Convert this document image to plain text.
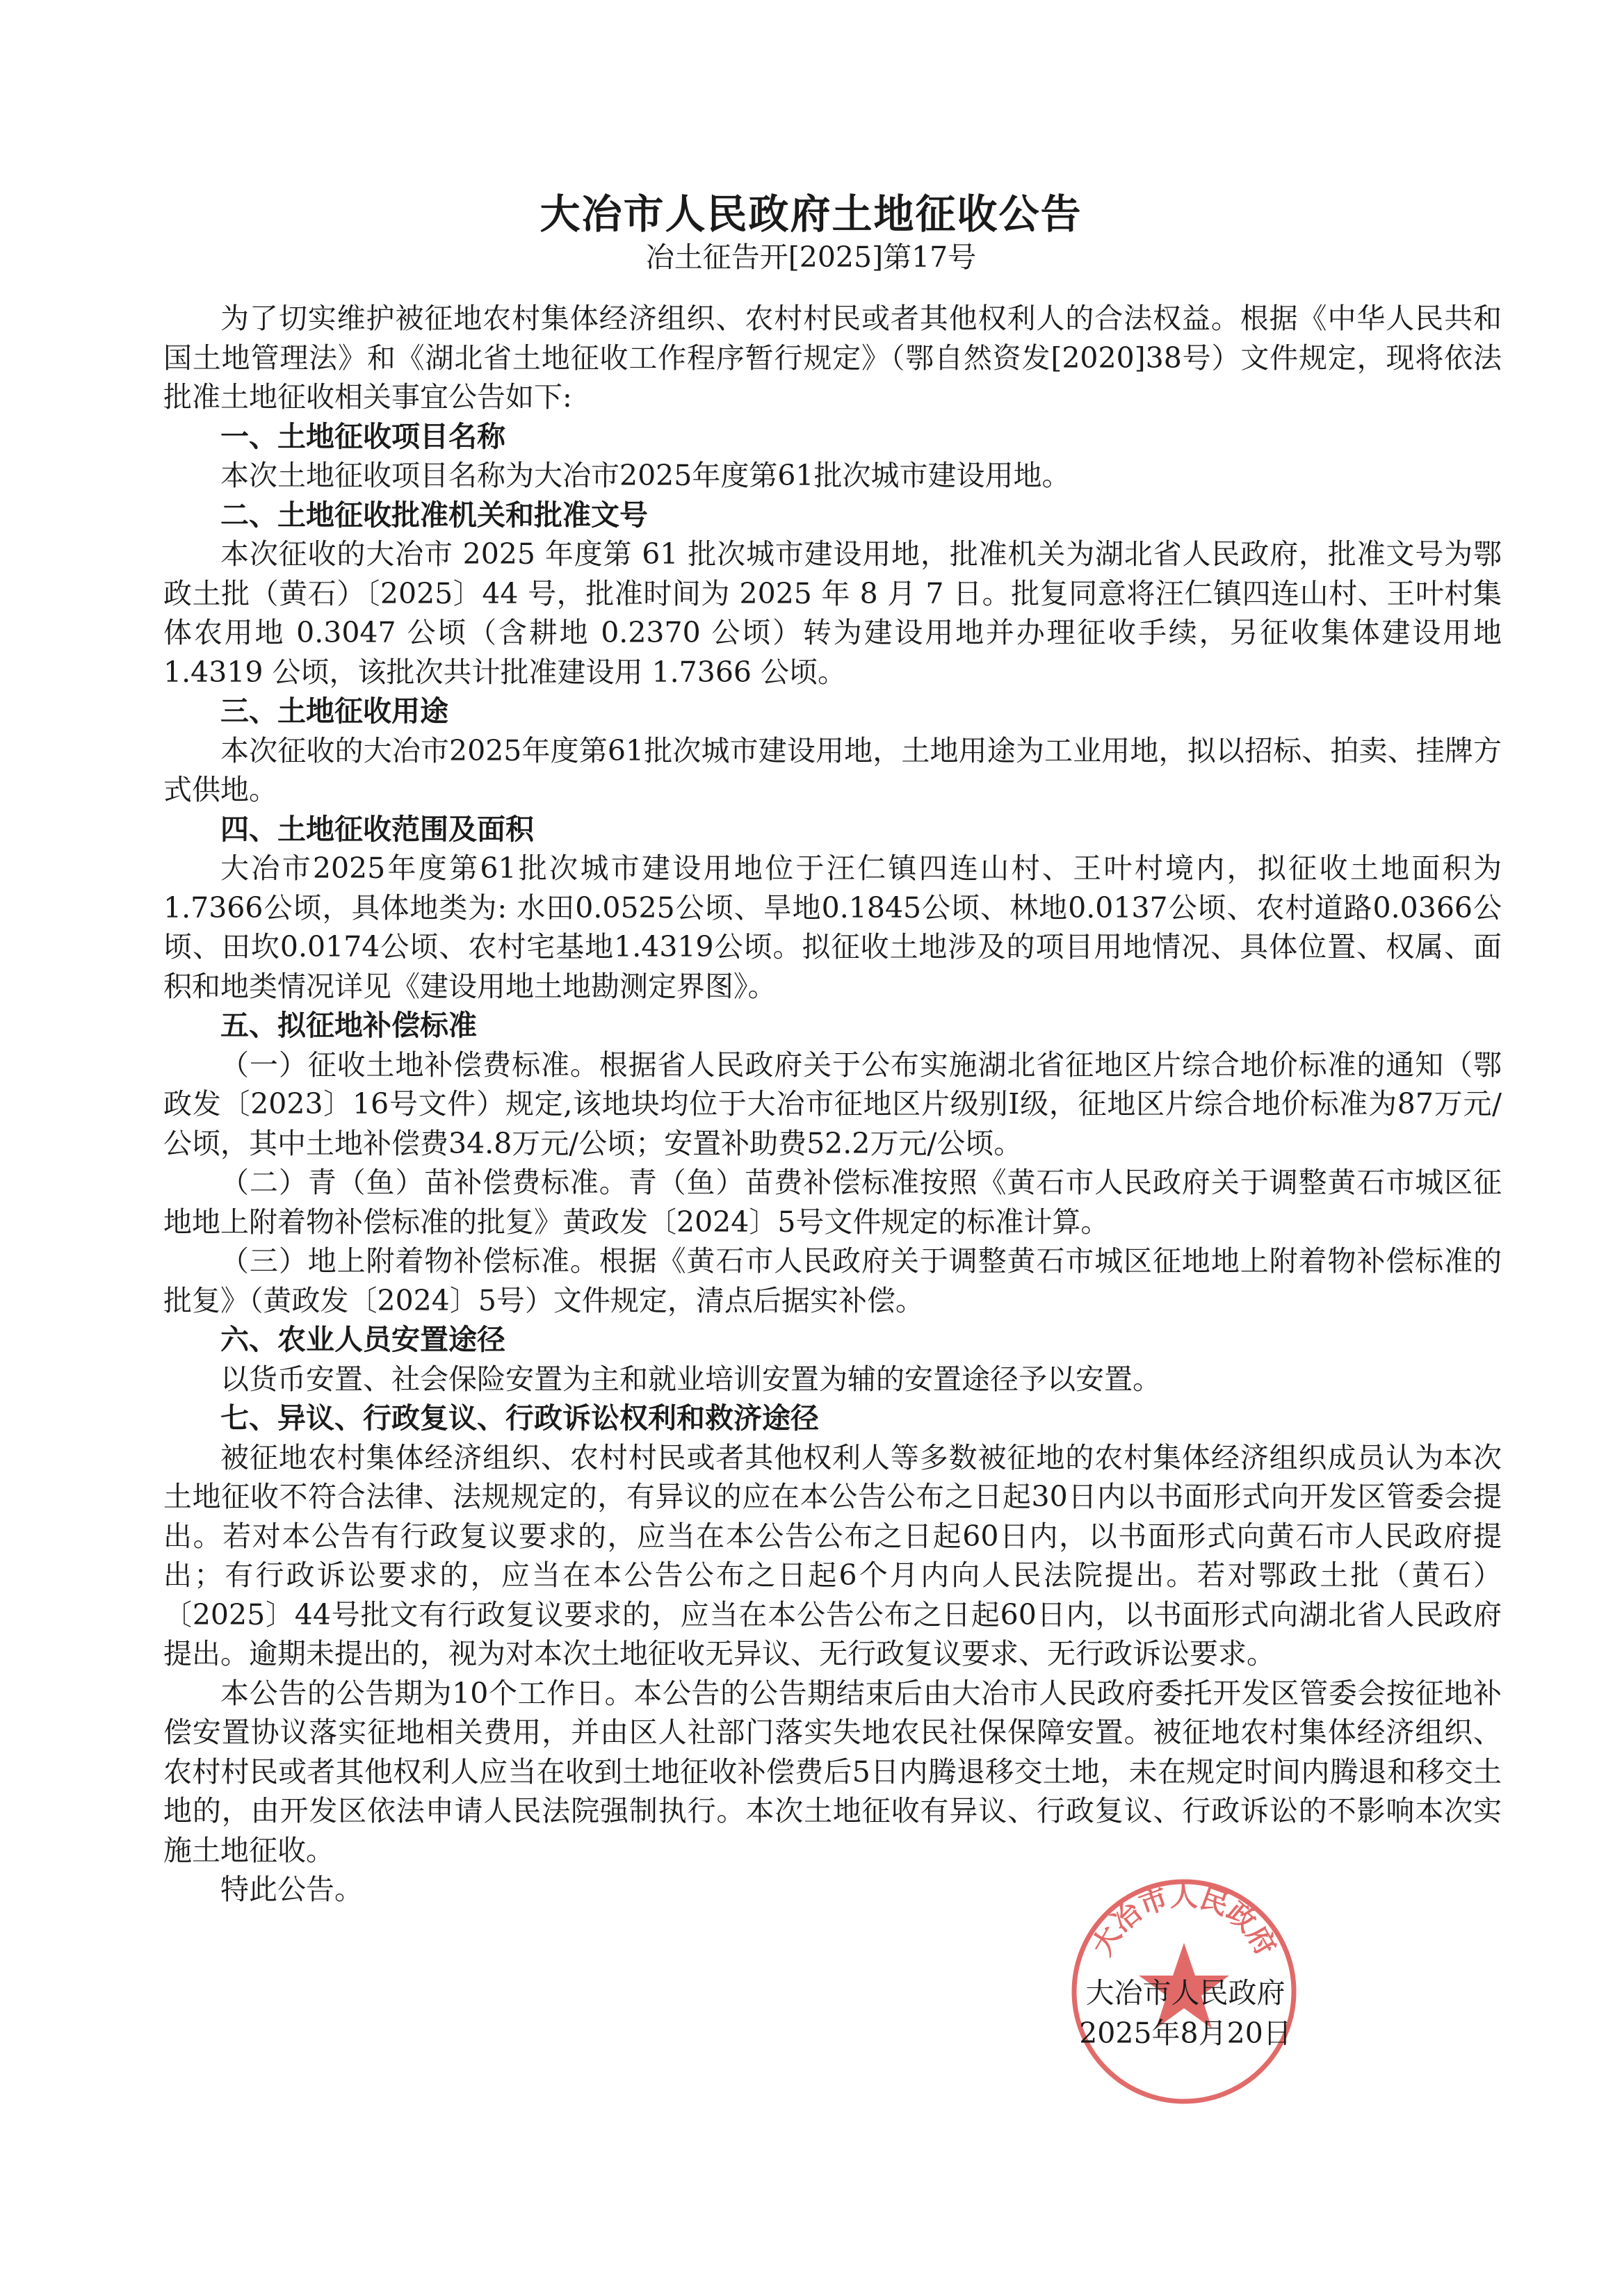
大冶市人民政府土地征收公告
冶土征告开[2025]第17号

为了切实维护被征地农村集体经济组织、农村村民或者其他权利人的合法权益。根据《中华人民共和国土地管理法》和《湖北省土地征收工作程序暂行规定》（鄂自然资发[2020]38号）文件规定，现将依法批准土地征收相关事宜公告如下:

一、土地征收项目名称

本次土地征收项目名称为大冶市2025年度第61批次城市建设用地。

二、土地征收批准机关和批准文号

本次征收的大冶市 2025 年度第 61 批次城市建设用地，批准机关为湖北省人民政府，批准文号为鄂政土批（黄石）〔2025〕44 号，批准时间为 2025 年 8 月 7 日。批复同意将汪仁镇四连山村、王叶村集体农用地 0.3047 公顷（含耕地 0.2370 公顷）转为建设用地并办理征收手续，另征收集体建设用地 1.4319 公顷，该批次共计批准建设用 1.7366 公顷。

三、土地征收用途

本次征收的大冶市2025年度第61批次城市建设用地，土地用途为工业用地，拟以招标、拍卖、挂牌方式供地。

四、土地征收范围及面积

大冶市2025年度第61批次城市建设用地位于汪仁镇四连山村、王叶村境内，拟征收土地面积为1.7366公顷，具体地类为: 水田0.0525公顷、旱地0.1845公顷、林地0.0137公顷、农村道路0.0366公顷、田坎0.0174公顷、农村宅基地1.4319公顷。拟征收土地涉及的项目用地情况、具体位置、权属、面积和地类情况详见《建设用地土地勘测定界图》。

五、拟征地补偿标准

（一）征收土地补偿费标准。根据省人民政府关于公布实施湖北省征地区片综合地价标准的通知（鄂政发〔2023〕16号文件）规定,该地块均位于大冶市征地区片级别I级，征地区片综合地价标准为87万元/公顷，其中土地补偿费34.8万元/公顷；安置补助费52.2万元/公顷。

（二）青（鱼）苗补偿费标准。青（鱼）苗费补偿标准按照《黄石市人民政府关于调整黄石市城区征地地上附着物补偿标准的批复》黄政发〔2024〕5号文件规定的标准计算。

（三）地上附着物补偿标准。根据《黄石市人民政府关于调整黄石市城区征地地上附着物补偿标准的批复》（黄政发〔2024〕5号）文件规定，清点后据实补偿。

六、农业人员安置途径

以货币安置、社会保险安置为主和就业培训安置为辅的安置途径予以安置。

七、异议、行政复议、行政诉讼权利和救济途径

被征地农村集体经济组织、农村村民或者其他权利人等多数被征地的农村集体经济组织成员认为本次土地征收不符合法律、法规规定的，有异议的应在本公告公布之日起30日内以书面形式向开发区管委会提出。若对本公告有行政复议要求的，应当在本公告公布之日起60日内，以书面形式向黄石市人民政府提出；有行政诉讼要求的，应当在本公告公布之日起6个月内向人民法院提出。若对鄂政土批（黄石）〔2025〕44号批文有行政复议要求的，应当在本公告公布之日起60日内，以书面形式向湖北省人民政府提出。逾期未提出的，视为对本次土地征收无异议、无行政复议要求、无行政诉讼要求。

本公告的公告期为10个工作日。本公告的公告期结束后由大冶市人民政府委托开发区管委会按征地补偿安置协议落实征地相关费用，并由区人社部门落实失地农民社保保障安置。被征地农村集体经济组织、农村村民或者其他权利人应当在收到土地征收补偿费后5日内腾退移交土地，未在规定时间内腾退和移交土地的，由开发区依法申请人民法院强制执行。本次土地征收有异议、行政复议、行政诉讼的不影响本次实施土地征收。

特此公告。

大冶市人民政府
大冶市人民政府
2025年8月20日
